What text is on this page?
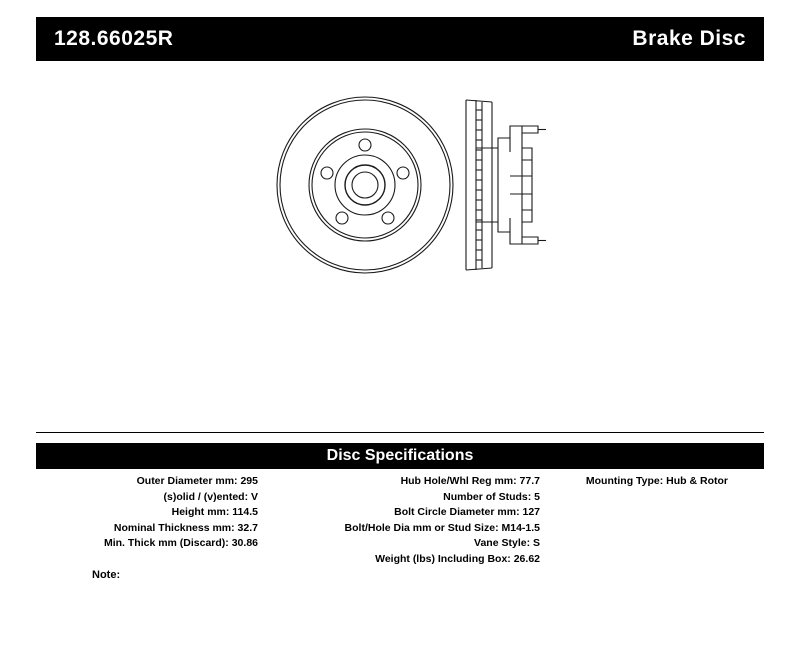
128.66025R	Brake Disc
Disc Specifications
Outer Diameter mm: 295
(s)olid / (v)ented: V
Height mm: 114.5
Nominal Thickness mm: 32.7
Min. Thick mm (Discard): 30.86
Hub Hole/Whl Reg mm: 77.7
Number of Studs: 5
Bolt Circle Diameter mm: 127
Bolt/Hole Dia mm or Stud Size: M14-1.5
Vane Style: S
Weight (lbs) Including Box: 26.62
Mounting Type: Hub & Rotor
Note:
